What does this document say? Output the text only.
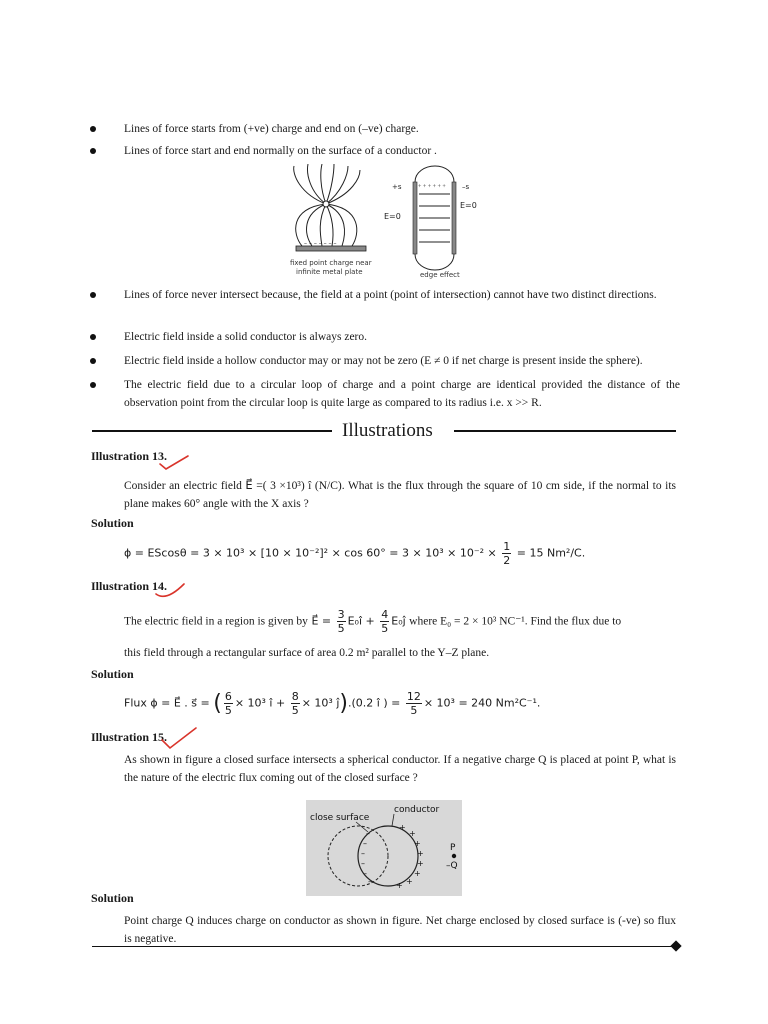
Lines of force starts from (+ve) charge and end on (–ve) charge.
Lines of force start and end normally on the surface of a conductor .
– – – – – – –
fixed point charge near
infinite metal plate
+s	–s
E=0
E=0
+ + + + + +
edge effect
Lines of force never intersect because, the field at a point (point of intersection) cannot have two distinct directions.
Electric field inside a solid conductor is always zero.
Electric field inside a hollow conductor may or may not be zero (E ≠ 0 if net charge is present inside the sphere).
The electric field due to a circular loop of charge and a point charge are identical provided the distance of the observation point from the circular loop is quite large as compared to its radius i.e. x >> R.
Illustrations
Illustration 13.
Consider an electric field E⃗ =( 3 ×10³) î (N/C). What is the flux through the square of 10 cm side, if the normal to its plane makes 60° angle with the X axis ?
Solution
$\phi = EScos\theta = 3 \times 10^3 \times [10 \times 10^{-2}]^2 \times \cos 60^\circ = 3 \times 10^3 \times 10^{-2} \times \frac{1}{2} = 15$ Nm²/C.
Illustration 14.
The electric field in a region is given by E⃗ = $\frac{3}{5}$ E₀î + $\frac{4}{5}$ E₀ĵ where E₀ = 2 × 10³ NC⁻¹. Find the flux due to
this field through a rectangular surface of area 0.2 m² parallel to the Y–Z plane.
Solution
Flux ϕ = E⃗ . s⃗ = ( $\frac{6}{5} \times 10^3$ î + $\frac{8}{5} \times 10^3$ ĵ).(0.2 î ) = $\frac{12}{5} \times 10^3 = 240$ Nm²C⁻¹.
Illustration 15.
As shown in figure a closed surface intersects a spherical conductor. If a negative charge Q is placed at point P, what is the nature of the electric flux coming out of the closed surface ?
close surface
conductor
–
–
–
–
–
–
+
+
+
+
+
+
+
+
P
–Q
Solution
Point charge Q induces charge on conductor as shown in figure. Net charge enclosed by closed surface is (-ve) so flux is negative.
